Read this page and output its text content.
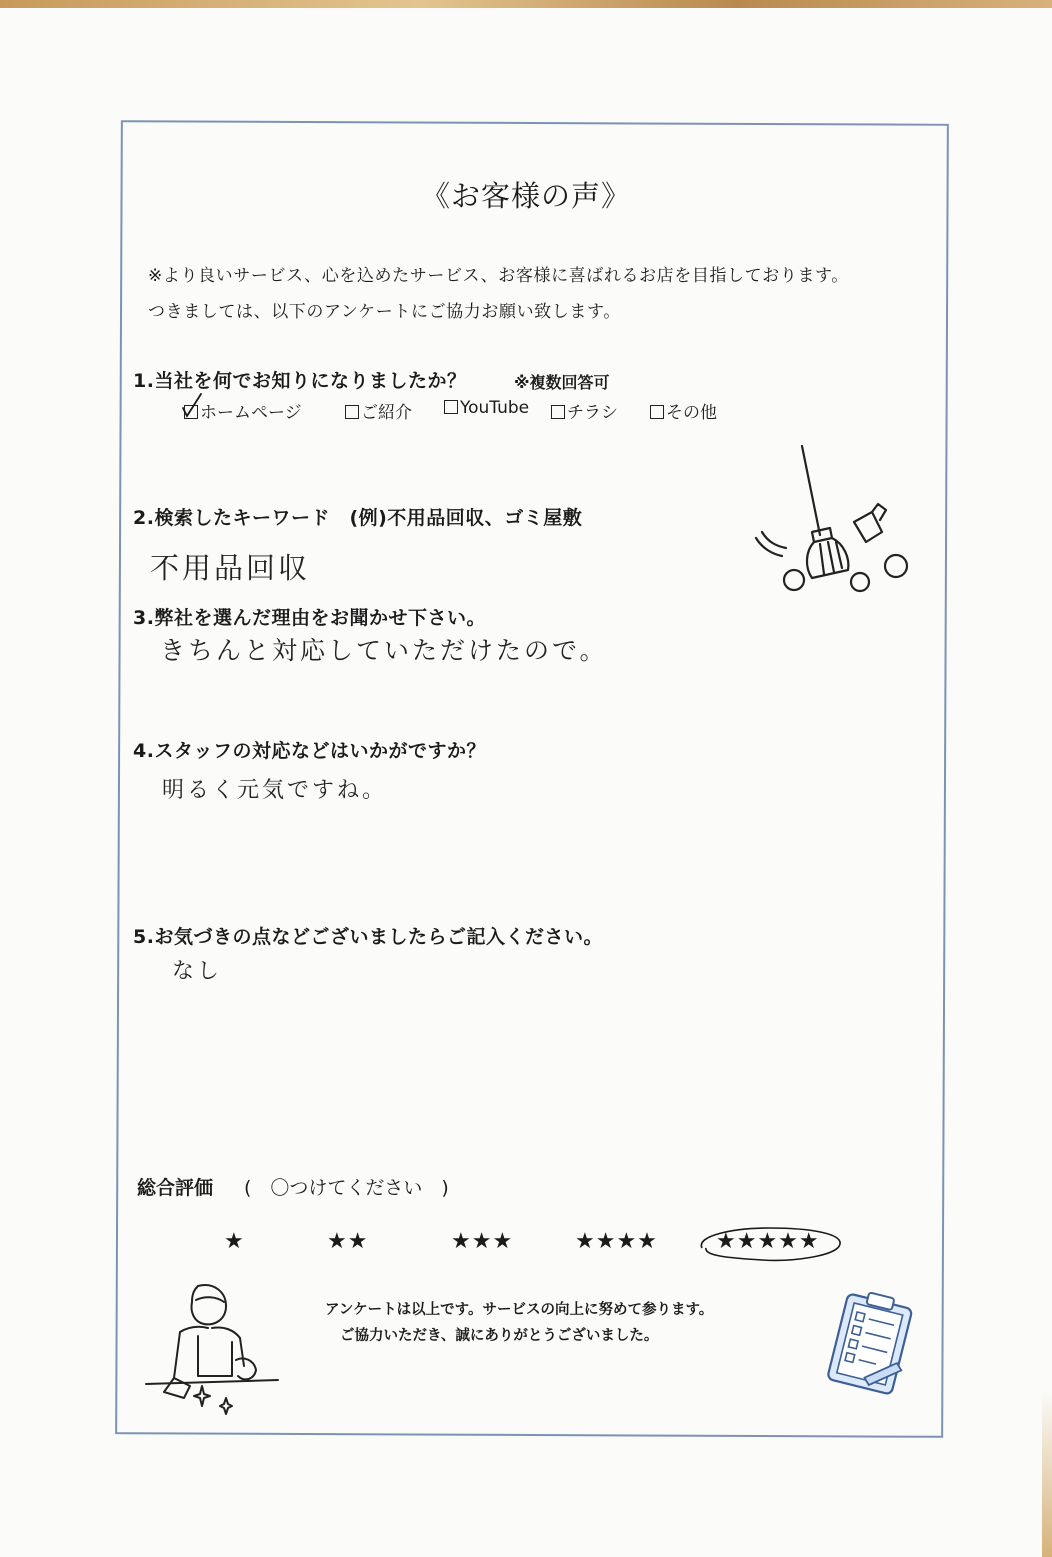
《お客様の声》
※より良いサービス、心を込めたサービス、お客様に喜ばれるお店を目指しております。
つきましては、以下のアンケートにご協力お願い致します。
1.当社を何でお知りになりましたか？	※複数回答可
ホームページ	ご紹介	YouTube	チラシ	その他
2.検索したキーワード　(例)不用品回収、ゴミ屋敷
不用品回収
3.弊社を選んだ理由をお聞かせ下さい。
きちんと対応していただけたので。
4.スタッフの対応などはいかがですか？
明るく元気ですね。
5.お気づきの点などございましたらご記入ください。
なし
総合評価 (　〇つけてください　)
★	★★	★★★	★★★★	★★★★★
アンケートは以上です。サービスの向上に努めて参ります。
ご協力いただき、誠にありがとうございました。
